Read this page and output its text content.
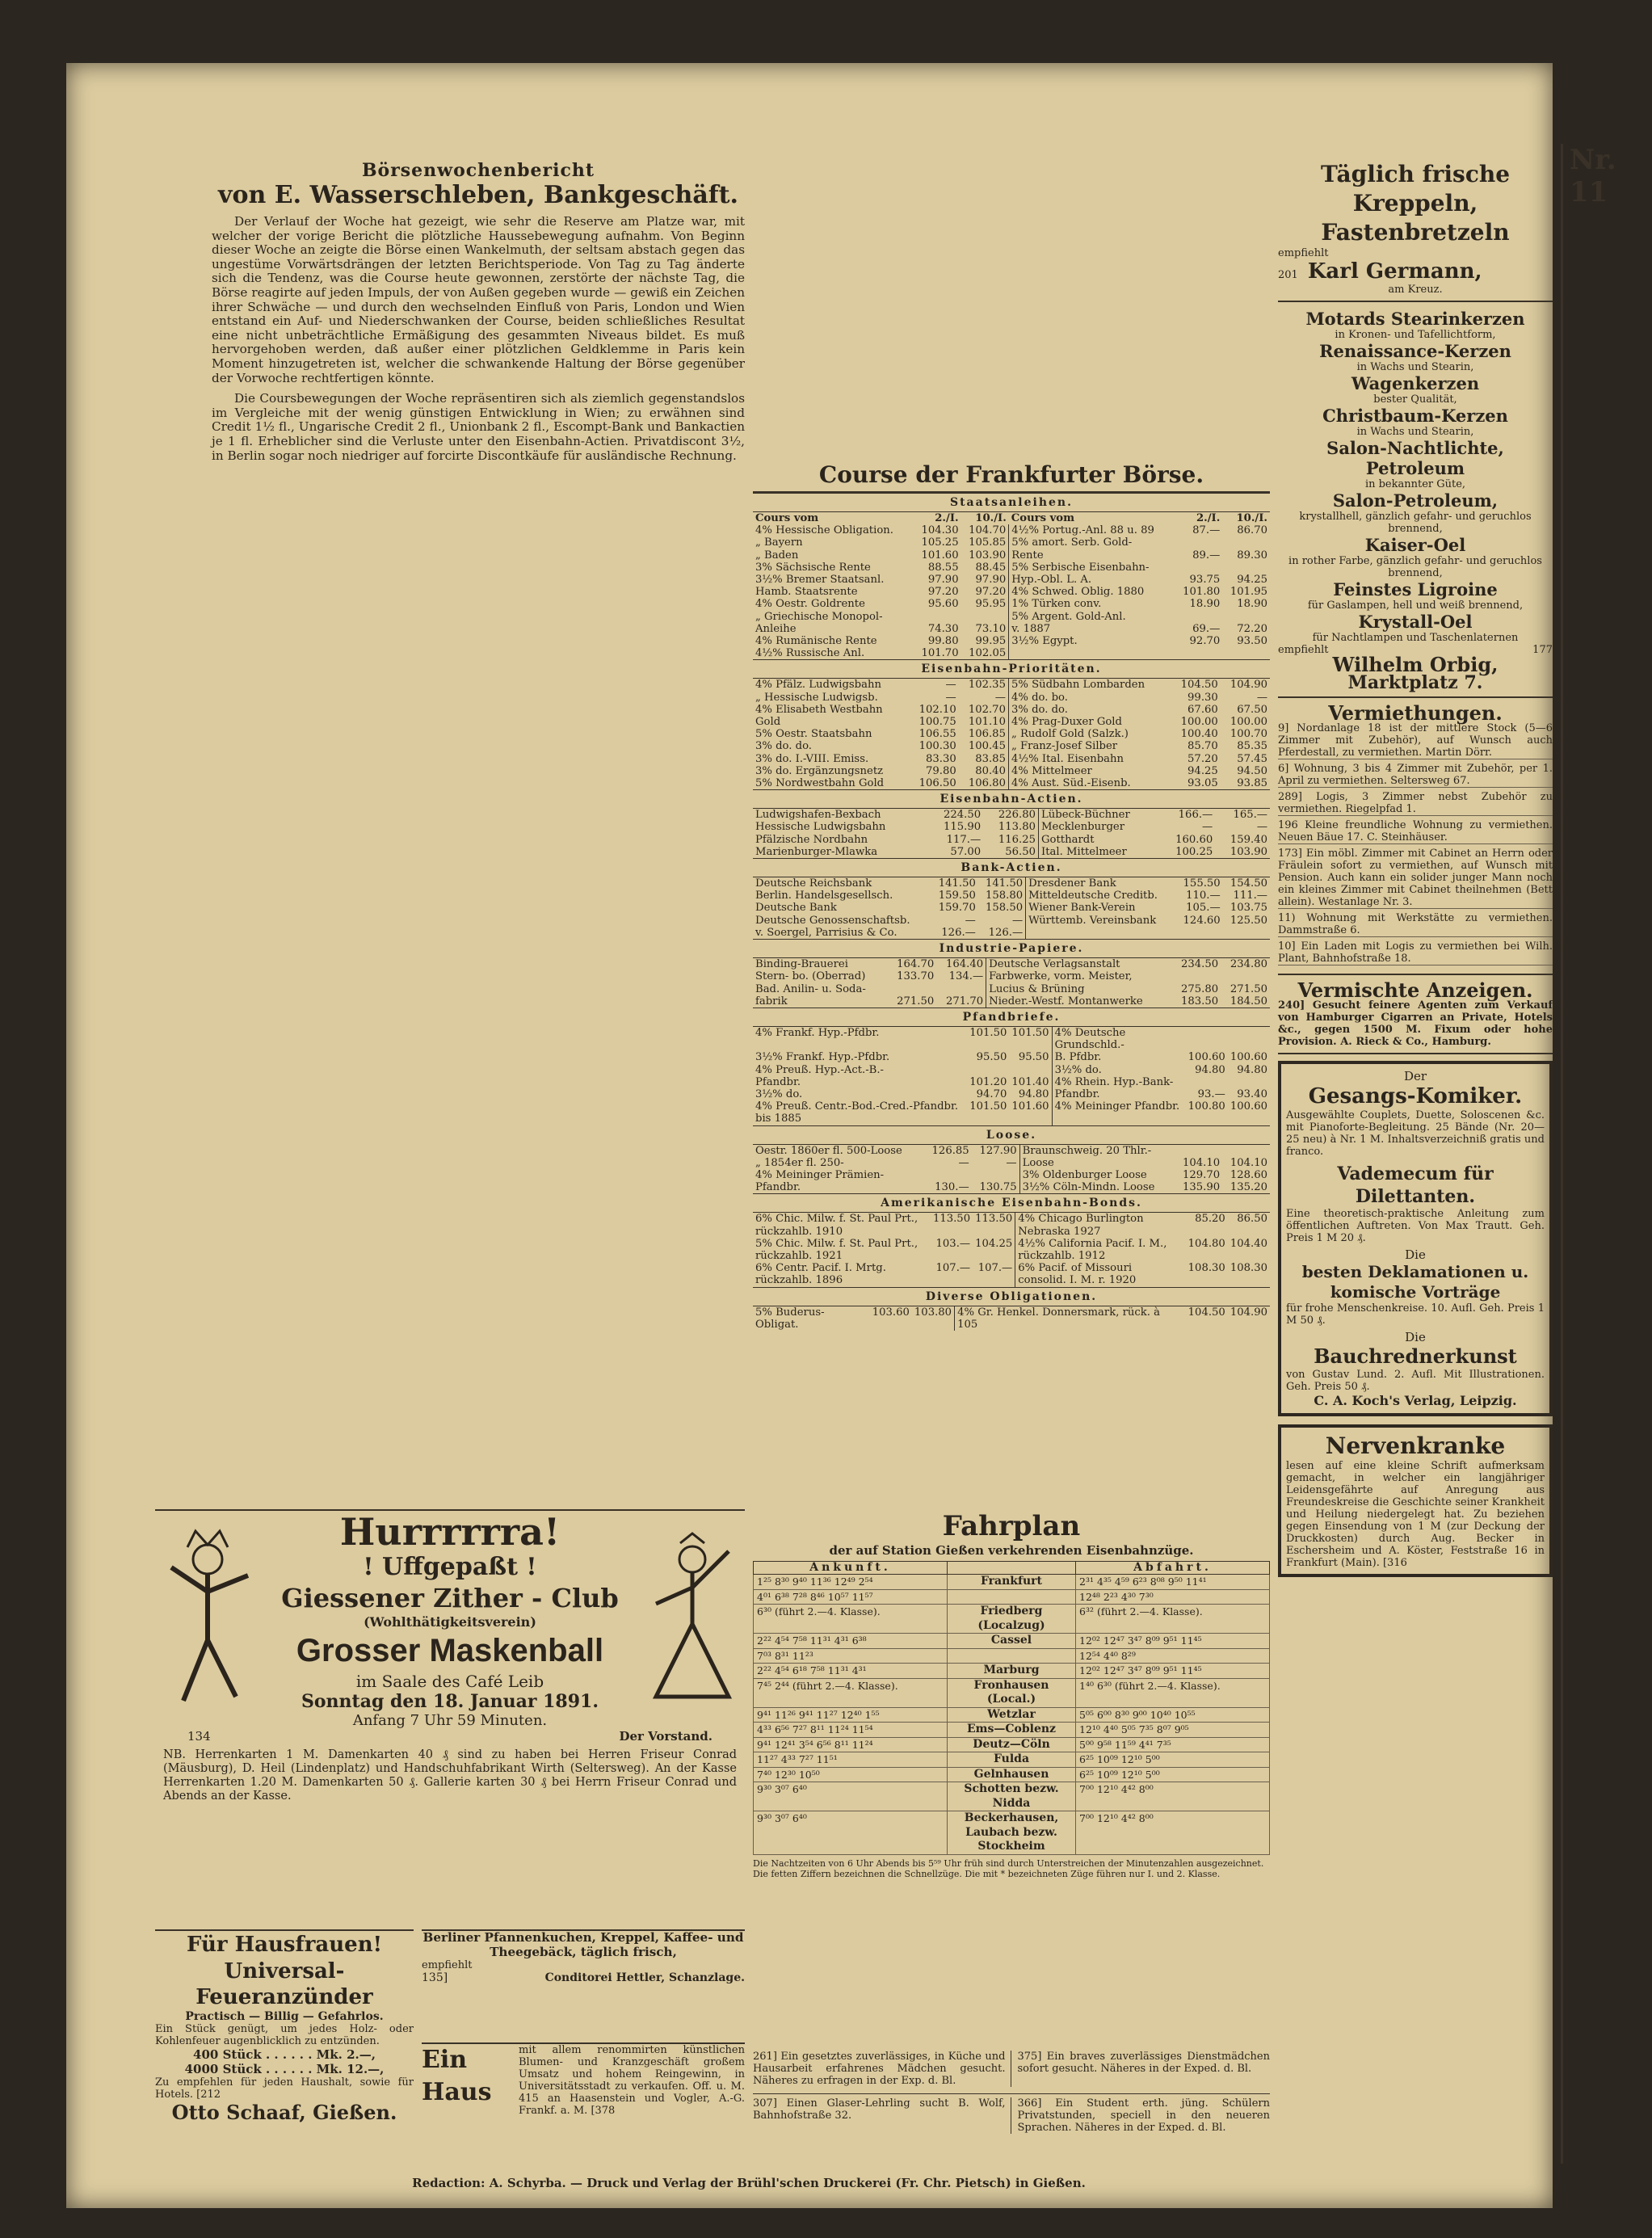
Börsenwochenbericht
von E. Wasserschleben, Bankgeschäft.
Der Verlauf der Woche hat gezeigt, wie sehr die Reserve am Platze war, mit welcher der vorige Bericht die plötzliche Haussebewegung aufnahm. Von Beginn dieser Woche an zeigte die Börse einen Wankelmuth, der seltsam abstach gegen das ungestüme Vorwärtsdrängen der letzten Berichtsperiode. Von Tag zu Tag änderte sich die Tendenz, was die Course heute gewonnen, zerstörte der nächste Tag, die Börse reagirte auf jeden Impuls, der von Außen gegeben wurde — gewiß ein Zeichen ihrer Schwäche — und durch den wechselnden Einfluß von Paris, London und Wien entstand ein Auf- und Niederschwanken der Course, beiden schließliches Resultat eine nicht unbeträchtliche Ermäßigung des gesammten Niveaus bildet. Es muß hervorgehoben werden, daß außer einer plötzlichen Geldklemme in Paris kein Moment hinzugetreten ist, welcher die schwankende Haltung der Börse gegenüber der Vorwoche rechtfertigen könnte.
Die Coursbewegungen der Woche repräsentiren sich als ziemlich gegenstandslos im Vergleiche mit der wenig günstigen Entwicklung in Wien; zu erwähnen sind Credit 1½ fl., Ungarische Credit 2 fl., Unionbank 2 fl., Escompt-Bank und Bankactien je 1 fl. Erheblicher sind die Verluste unter den Eisenbahn-Actien. Privatdiscont 3½, in Berlin sogar noch niedriger auf forcirte Discontkäufe für ausländische Rechnung.
Course der Frankfurter Börse.
Staatsanleihen.
Cours vom	2./I.	10./I.	Cours vom	2./I.	10./I.
4% Hessische Obligation.	104.30	104.70	4½% Portug.-Anl. 88 u. 89	87.—	86.70
„ Bayern	105.25	105.85	5% amort. Serb. Gold-		
„ Baden	101.60	103.90	Rente	89.—	89.30
3% Sächsische Rente	88.55	88.45	5% Serbische Eisenbahn-		
3½% Bremer Staatsanl.	97.90	97.90	Hyp.-Obl. L. A.	93.75	94.25
Hamb. Staatsrente	97.20	97.20	4% Schwed. Oblig. 1880	101.80	101.95
4% Oestr. Goldrente	95.60	95.95	1% Türken conv.	18.90	18.90
„ Griechische Monopol-			5% Argent. Gold-Anl.		
Anleihe	74.30	73.10	v. 1887	69.—	72.20
4% Rumänische Rente	99.80	99.95	3½% Egypt.	92.70	93.50
4½% Russische Anl.	101.70	102.05			
Eisenbahn-Prioritäten.
4% Pfälz. Ludwigsbahn	—	102.35	5% Südbahn Lombarden	104.50	104.90
„ Hessische Ludwigsb.	—	—	4% do. bo.	99.30	—
4% Elisabeth Westbahn	102.10	102.70	3% do. do.	67.60	67.50
Gold	100.75	101.10	4% Prag-Duxer Gold	100.00	100.00
5% Oestr. Staatsbahn	106.55	106.85	„ Rudolf Gold (Salzk.)	100.40	100.70
3% do. do.	100.30	100.45	„ Franz-Josef Silber	85.70	85.35
3% do. I.-VIII. Emiss.	83.30	83.85	4½% Ital. Eisenbahn	57.20	57.45
3% do. Ergänzungsnetz	79.80	80.40	4% Mittelmeer	94.25	94.50
5% Nordwestbahn Gold	106.50	106.80	4% Aust. Süd.-Eisenb.	93.05	93.85
Eisenbahn-Actien.
Ludwigshafen-Bexbach	224.50	226.80	Lübeck-Büchner	166.—	165.—
Hessische Ludwigsbahn	115.90	113.80	Mecklenburger	—	—
Pfälzische Nordbahn	117.—	116.25	Gotthardt	160.60	159.40
Marienburger-Mlawka	57.00	56.50	Ital. Mittelmeer	100.25	103.90
Bank-Actien.
Deutsche Reichsbank	141.50	141.50	Dresdener Bank	155.50	154.50
Berlin. Handelsgesellsch.	159.50	158.80	Mitteldeutsche Creditb.	110.—	111.—
Deutsche Bank	159.70	158.50	Wiener Bank-Verein	105.—	103.75
Deutsche Genossenschaftsb.	—	—	Württemb. Vereinsbank	124.60	125.50
v. Soergel, Parrisius & Co.	126.—	126.—			
Industrie-Papiere.
Binding-Brauerei	164.70	164.40	Deutsche Verlagsanstalt	234.50	234.80
Stern- bo. (Oberrad)	133.70	134.—	Farbwerke, vorm. Meister,		
Bad. Anilin- u. Soda-			Lucius & Brüning	275.80	271.50
fabrik	271.50	271.70	Nieder.-Westf. Montanwerke	183.50	184.50
Pfandbriefe.
4% Frankf. Hyp.-Pfdbr.	101.50	101.50	4% Deutsche Grundschld.-		
3½% Frankf. Hyp.-Pfdbr.	95.50	95.50	B. Pfdbr.	100.60	100.60
4% Preuß. Hyp.-Act.-B.-			3½% do.	94.80	94.80
Pfandbr.	101.20	101.40	4% Rhein. Hyp.-Bank-		
3½% do.	94.70	94.80	Pfandbr.	93.—	93.40
4% Preuß. Centr.-Bod.-Cred.-Pfandbr. bis 1885	101.50	101.60	4% Meininger Pfandbr.	100.80	100.60
Loose.
Oestr. 1860er fl. 500-Loose	126.85	127.90	Braunschweig. 20 Thlr.-		
„ 1854er fl. 250-	—	—	Loose	104.10	104.10
4% Meininger Prämien-			3% Oldenburger Loose	129.70	128.60
Pfandbr.	130.—	130.75	3½% Cöln-Mindn. Loose	135.90	135.20
Amerikanische Eisenbahn-Bonds.
6% Chic. Milw. f. St. Paul Prt., rückzahlb. 1910	113.50	113.50	4% Chicago Burlington Nebraska 1927	85.20	86.50
5% Chic. Milw. f. St. Paul Prt., rückzahlb. 1921	103.—	104.25	4½% California Pacif. I. M., rückzahlb. 1912	104.80	104.40
6% Centr. Pacif. I. Mrtg. rückzahlb. 1896	107.—	107.—	6% Pacif. of Missouri consolid. I. M. r. 1920	108.30	108.30
Diverse Obligationen.
5% Buderus-Obligat.	103.60	103.80	4% Gr. Henkel. Donnersmark, rück. à 105	104.50	104.90
Hurrrrrra!
! Uffgepaßt !
Giessener Zither - Club
(Wohlthätigkeitsverein)
Grosser Maskenball
im Saale des Café Leib
Sonntag den 18. Januar 1891.
Anfang 7 Uhr 59 Minuten.
134	Der Vorstand.
NB. Herrenkarten 1 M. Damenkarten 40 ₰ sind zu haben bei Herren Friseur Conrad (Mäusburg), D. Heil (Lindenplatz) und Handschuhfabrikant Wirth (Seltersweg). An der Kasse Herrenkarten 1.20 M. Damenkarten 50 ₰. Gallerie karten 30 ₰ bei Herrn Friseur Conrad und Abends an der Kasse.
Für Hausfrauen!
Universal-Feueranzünder
Practisch — Billig — Gefahrlos.
Ein Stück genügt, um jedes Holz- oder Kohlenfeuer augenblicklich zu entzünden.
400 Stück . . . . . . Mk. 2.—,
4000 Stück . . . . . . Mk. 12.—,
Zu empfehlen für jeden Haushalt, sowie für Hotels. [212
Otto Schaaf, Gießen.
Berliner Pfannenkuchen, Kreppel, Kaffee- und Theegebäck, täglich frisch,
empfiehlt
135]	Conditorei Hettler, Schanzlage.
Ein Haus
mit allem renommirten künstlichen Blumen- und Kranzgeschäft großem Umsatz und hohem Reingewinn, in Universitätsstadt zu verkaufen. Off. u. M. 415 an Haasenstein und Vogler, A.-G. Frankf. a. M. [378
Fahrplan
der auf Station Gießen verkehrenden Eisenbahnzüge.
Ankunft.		Abfahrt.
1²⁵ 8³⁰ 9⁴⁰ 11³⁶ 12⁴⁹ 2⁵⁴	Frankfurt	2³¹ 4³⁵ 4⁵⁹ 6²³ 8⁰⁸ 9⁵⁰ 11⁴¹
4⁰¹ 6³⁸ 7²⁸ 8⁴⁶ 10⁵⁷ 11⁵⁷		12⁴⁸ 2²³ 4³⁰ 7³⁰
6³⁰ (führt 2.—4. Klasse).	Friedberg (Localzug)	6³² (führt 2.—4. Klasse).
2²² 4⁵⁴ 7⁵⁸ 11³¹ 4³¹ 6³⁸	Cassel	12⁰² 12⁴⁷ 3⁴⁷ 8⁰⁹ 9⁵¹ 11⁴⁵
7⁰³ 8³¹ 11²³		12⁵⁴ 4⁴⁰ 8²⁹
2²² 4⁵⁴ 6¹⁸ 7⁵⁸ 11³¹ 4³¹	Marburg	12⁰² 12⁴⁷ 3⁴⁷ 8⁰⁹ 9⁵¹ 11⁴⁵
7⁴⁵ 2⁴⁴ (führt 2.—4. Klasse).	Fronhausen (Local.)	1⁴⁰ 6³⁰ (führt 2.—4. Klasse).
9⁴¹ 11²⁶ 9⁴¹ 11²⁷ 12⁴⁰ 1⁵⁵	Wetzlar	5⁰⁵ 6⁰⁰ 8³⁰ 9⁰⁰ 10⁴⁰ 10⁵⁵
4³³ 6⁵⁶ 7²⁷ 8¹¹ 11²⁴ 11⁵⁴	Ems—Coblenz	12¹⁰ 4⁴⁰ 5⁰⁵ 7³⁵ 8⁰⁷ 9⁰⁵
9⁴¹ 12⁴¹ 3⁵⁴ 6⁵⁶ 8¹¹ 11²⁴	Deutz—Cöln	5⁰⁰ 9⁵⁸ 11⁵⁹ 4⁴¹ 7³⁵
11²⁷ 4³³ 7²⁷ 11⁵¹	Fulda	6²⁵ 10⁰⁹ 12¹⁰ 5⁰⁰
7⁴⁰ 12³⁰ 10⁵⁰	Gelnhausen	6²⁵ 10⁰⁹ 12¹⁰ 5⁰⁰
9³⁰ 3⁰⁷ 6⁴⁰	Schotten bezw. Nidda	7⁰⁰ 12¹⁰ 4⁴² 8⁰⁰
9³⁰ 3⁰⁷ 6⁴⁰	Beckerhausen, Laubach bezw. Stockheim	7⁰⁰ 12¹⁰ 4⁴² 8⁰⁰
Die Nachtzeiten von 6 Uhr Abends bis 5⁵⁹ Uhr früh sind durch Unterstreichen der Minutenzahlen ausgezeichnet. Die fetten Ziffern bezeichnen die Schnellzüge. Die mit * bezeichneten Züge führen nur I. und 2. Klasse.
261] Ein gesetztes zuverlässiges, in Küche und Hausarbeit erfahrenes Mädchen gesucht. Näheres zu erfragen in der Exp. d. Bl.
375] Ein braves zuverlässiges Dienstmädchen sofort gesucht. Näheres in der Exped. d. Bl.
307] Einen Glaser-Lehrling sucht B. Wolf, Bahnhofstraße 32.
366] Ein Student erth. jüng. Schülern Privatstunden, speciell in den neueren Sprachen. Näheres in der Exped. d. Bl.
Redaction: A. Schyrba. — Druck und Verlag der Brühl'schen Druckerei (Fr. Chr. Pietsch) in Gießen.
Täglich frische Kreppeln, Fastenbretzeln
empfiehlt
201 Karl Germann,
am Kreuz.
Motards Stearinkerzen
in Kronen- und Tafellichtform,
Renaissance-Kerzen
in Wachs und Stearin,
Wagenkerzen
bester Qualität,
Christbaum-Kerzen
in Wachs und Stearin,
Salon-Nachtlichte,
Petroleum
in bekannter Güte,
Salon-Petroleum,
krystallhell, gänzlich gefahr- und geruchlos brennend,
Kaiser-Oel
in rother Farbe, gänzlich gefahr- und geruchlos brennend,
Feinstes Ligroine
für Gaslampen, hell und weiß brennend,
Krystall-Oel
für Nachtlampen und Taschenlaternen
empfiehlt	177
Wilhelm Orbig,
Marktplatz 7.
Vermiethungen.
9] Nordanlage 18 ist der mittlere Stock (5—6 Zimmer mit Zubehör), auf Wunsch auch Pferdestall, zu vermiethen. Martin Dörr.
6] Wohnung, 3 bis 4 Zimmer mit Zubehör, per 1. April zu vermiethen. Seltersweg 67.
289] Logis, 3 Zimmer nebst Zubehör zu vermiethen. Riegelpfad 1.
196 Kleine freundliche Wohnung zu vermiethen. Neuen Bäue 17. C. Steinhäuser.
173] Ein möbl. Zimmer mit Cabinet an Herrn oder Fräulein sofort zu vermiethen, auf Wunsch mit Pension. Auch kann ein solider junger Mann noch ein kleines Zimmer mit Cabinet theilnehmen (Bett allein). Westanlage Nr. 3.
11) Wohnung mit Werkstätte zu vermiethen. Dammstraße 6.
10] Ein Laden mit Logis zu vermiethen bei Wilh. Plant, Bahnhofstraße 18.
Vermischte Anzeigen.
240] Gesucht feinere Agenten zum Verkauf von Hamburger Cigarren an Private, Hotels &c., gegen 1500 M. Fixum oder hohe Provision. A. Rieck & Co., Hamburg.
Der
Gesangs-Komiker.
Ausgewählte Couplets, Duette, Soloscenen &c. mit Pianoforte-Begleitung. 25 Bände (Nr. 20—25 neu) à Nr. 1 M. Inhaltsverzeichniß gratis und franco.
Vademecum für Dilettanten.
Eine theoretisch-praktische Anleitung zum öffentlichen Auftreten. Von Max Trautt. Geh. Preis 1 M 20 ₰.
Die
besten Deklamationen u. komische Vorträge
für frohe Menschenkreise. 10. Aufl. Geh. Preis 1 M 50 ₰.
Die
Bauchrednerkunst
von Gustav Lund. 2. Aufl. Mit Illustrationen. Geh. Preis 50 ₰.
C. A. Koch's Verlag, Leipzig.
Nervenkranke
lesen auf eine kleine Schrift aufmerksam gemacht, in welcher ein langjähriger Leidensgefährte auf Anregung aus Freundeskreise die Geschichte seiner Krankheit und Heilung niedergelegt hat. Zu beziehen gegen Einsendung von 1 M (zur Deckung der Druckkosten) durch Aug. Becker in Eschersheim und A. Köster, Feststraße 16 in Frankfurt (Main). [316
Nr. 11
